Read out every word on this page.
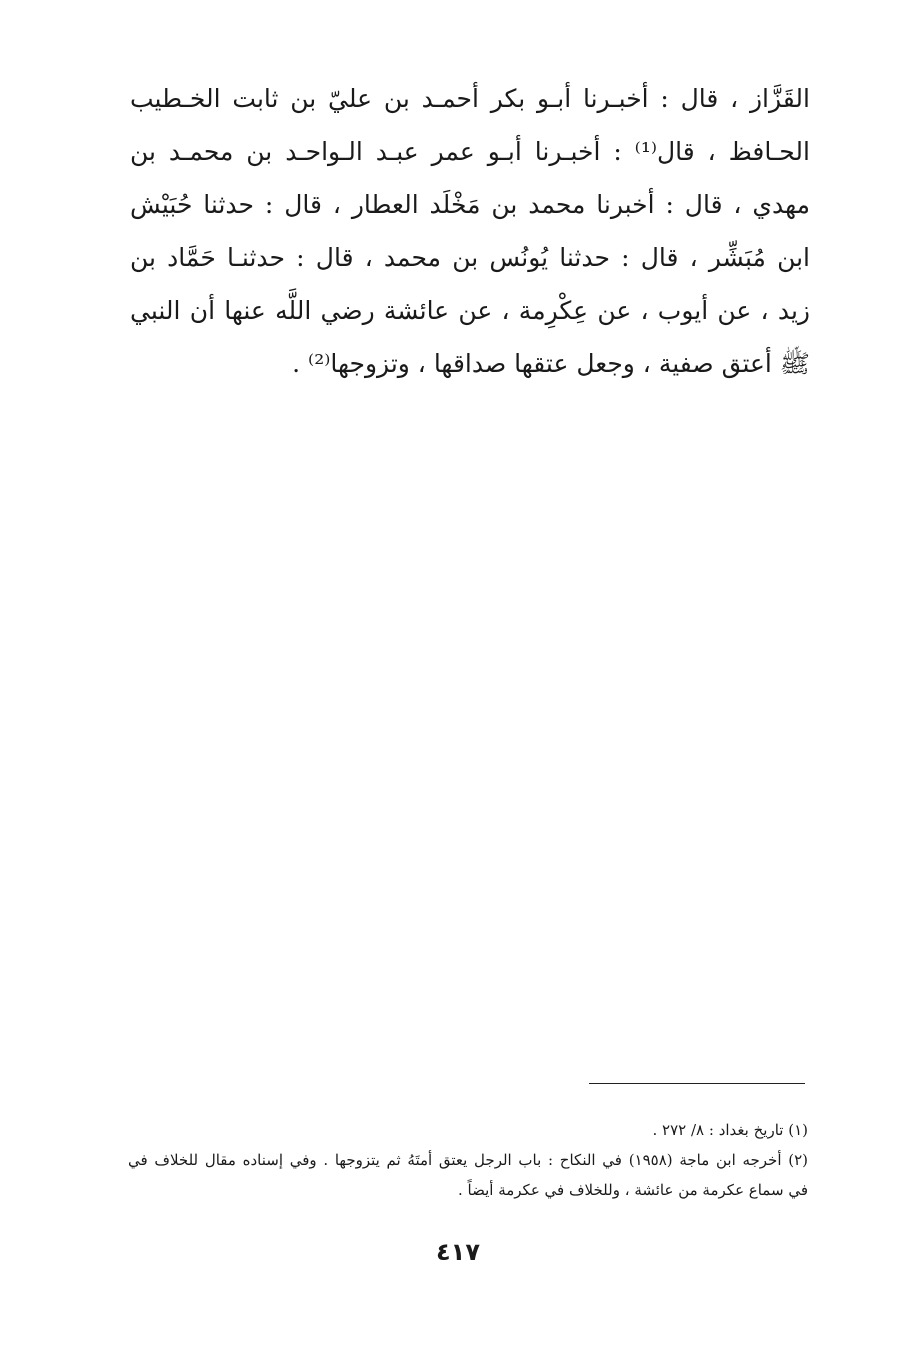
القَزَّاز ، قال : أخبـرنا أبـو بكر أحمـد بن عليّ بن ثابت الخـطيب
الحـافظ ، قال⁽¹⁾ : أخبـرنا أبـو عمر عبـد الـواحـد بن محمـد بن
مهدي ، قال : أخبرنا محمد بن مَخْلَد العطار ، قال : حدثنا حُبَيْش
ابن مُبَشِّر ، قال : حدثنا يُونُس بن محمد ، قال : حدثنـا حَمَّاد بن
زيد ، عن أيوب ، عن عِكْرِمة ، عن عائشة رضي اللَّه عنها أن النبي
ﷺ أعتق صفية ، وجعل عتقها صداقها ، وتزوجها⁽²⁾ .
(١) تاريخ بغداد : ٨/ ٢٧٢ .
(٢) أخرجه ابن ماجة (١٩٥٨) في النكاح : باب الرجل يعتق أمتَهُ ثم يتزوجها . وفي إسناده مقال للخلاف في
في سماع عكرمة من عائشة ، وللخلاف في عكرمة أيضاً .
٤١٧
